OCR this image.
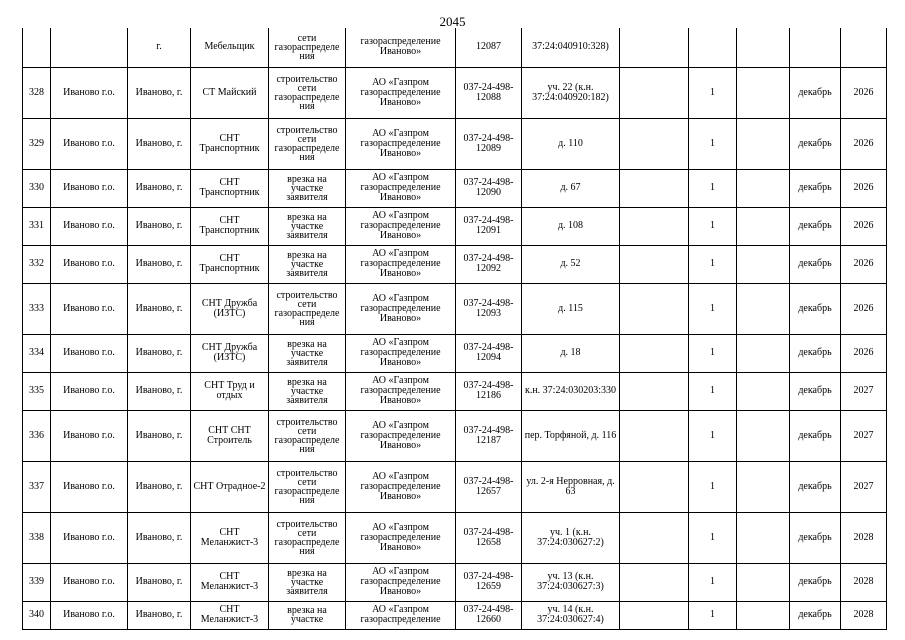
2045
		г.	Мебельщик	сети газораспределе ния	газораспределение Иваново»	12087	37:24:040910:328)					
328	Иваново г.о.	Иваново, г.	СТ Майский	строительство сети газораспределе ния	АО «Газпром газораспределение Иваново»	037-24-498-12088	уч. 22 (к.н. 37:24:040920:182)		1		декабрь	2026
329	Иваново г.о.	Иваново, г.	СНТ Транспортник	строительство сети газораспределе ния	АО «Газпром газораспределение Иваново»	037-24-498-12089	д. 110		1		декабрь	2026
330	Иваново г.о.	Иваново, г.	СНТ Транспортник	врезка на участке заявителя	АО «Газпром газораспределение Иваново»	037-24-498-12090	д. 67		1		декабрь	2026
331	Иваново г.о.	Иваново, г.	СНТ Транспортник	врезка на участке заявителя	АО «Газпром газораспределение Иваново»	037-24-498-12091	д. 108		1		декабрь	2026
332	Иваново г.о.	Иваново, г.	СНТ Транспортник	врезка на участке заявителя	АО «Газпром газораспределение Иваново»	037-24-498-12092	д. 52		1		декабрь	2026
333	Иваново г.о.	Иваново, г.	СНТ Дружба (ИЗТС)	строительство сети газораспределе ния	АО «Газпром газораспределение Иваново»	037-24-498-12093	д. 115		1		декабрь	2026
334	Иваново г.о.	Иваново, г.	СНТ Дружба (ИЗТС)	врезка на участке заявителя	АО «Газпром газораспределение Иваново»	037-24-498-12094	д. 18		1		декабрь	2026
335	Иваново г.о.	Иваново, г.	СНТ Труд и отдых	врезка на участке заявителя	АО «Газпром газораспределение Иваново»	037-24-498-12186	к.н. 37:24:030203:330		1		декабрь	2027
336	Иваново г.о.	Иваново, г.	СНТ СНТ Строитель	строительство сети газораспределе ния	АО «Газпром газораспределение Иваново»	037-24-498-12187	пер. Торфяной, д. 116		1		декабрь	2027
337	Иваново г.о.	Иваново, г.	СНТ Отрадное-2	строительство сети газораспределе ния	АО «Газпром газораспределение Иваново»	037-24-498-12657	ул. 2-я Нерровная, д. 63		1		декабрь	2027
338	Иваново г.о.	Иваново, г.	СНТ Меланжист-3	строительство сети газораспределе ния	АО «Газпром газораспределение Иваново»	037-24-498-12658	уч. 1 (к.н. 37:24:030627:2)		1		декабрь	2028
339	Иваново г.о.	Иваново, г.	СНТ Меланжист-3	врезка на участке заявителя	АО «Газпром газораспределение Иваново»	037-24-498-12659	уч. 13 (к.н. 37:24:030627:3)		1		декабрь	2028
340	Иваново г.о.	Иваново, г.	СНТ Меланжист-3	врезка на участке	АО «Газпром газораспределение	037-24-498-12660	уч. 14 (к.н. 37:24:030627:4)		1		декабрь	2028
